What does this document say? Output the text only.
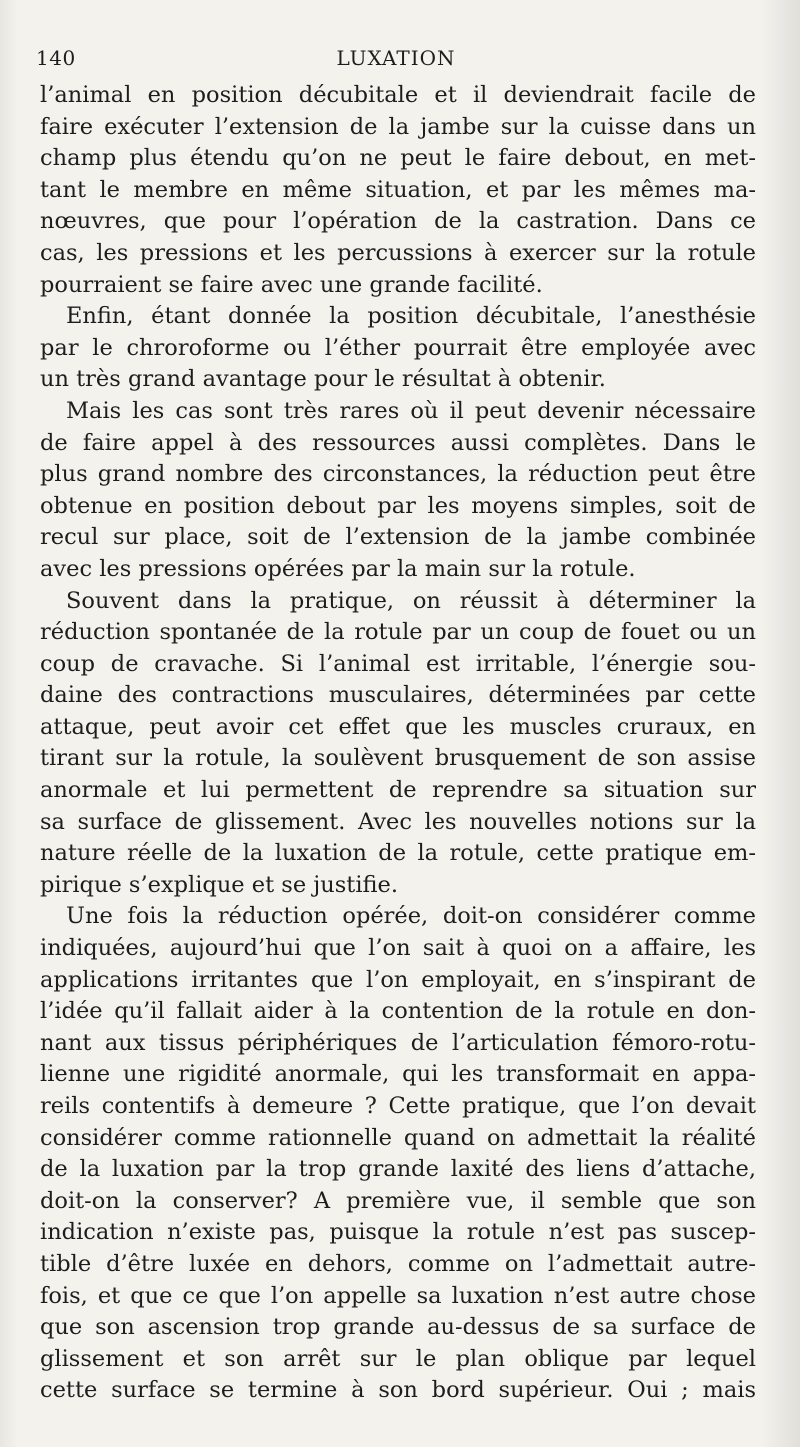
140	LUXATION
l’animal en position décubitale et il deviendrait facile de
faire exécuter l’extension de la jambe sur la cuisse dans un
champ plus étendu qu’on ne peut le faire debout, en met-
tant le membre en même situation, et par les mêmes ma-
nœuvres, que pour l’opération de la castration. Dans ce
cas, les pressions et les percussions à exercer sur la rotule
pourraient se faire avec une grande facilité.
Enfin, étant donnée la position décubitale, l’anesthésie
par le chroroforme ou l’éther pourrait être employée avec
un très grand avantage pour le résultat à obtenir.
Mais les cas sont très rares où il peut devenir nécessaire
de faire appel à des ressources aussi complètes. Dans le
plus grand nombre des circonstances, la réduction peut être
obtenue en position debout par les moyens simples, soit de
recul sur place, soit de l’extension de la jambe combinée
avec les pressions opérées par la main sur la rotule.
Souvent dans la pratique, on réussit à déterminer la
réduction spontanée de la rotule par un coup de fouet ou un
coup de cravache. Si l’animal est irritable, l’énergie sou-
daine des contractions musculaires, déterminées par cette
attaque, peut avoir cet effet que les muscles cruraux, en
tirant sur la rotule, la soulèvent brusquement de son assise
anormale et lui permettent de reprendre sa situation sur
sa surface de glissement. Avec les nouvelles notions sur la
nature réelle de la luxation de la rotule, cette pratique em-
pirique s’explique et se justifie.
Une fois la réduction opérée, doit-on considérer comme
indiquées, aujourd’hui que l’on sait à quoi on a affaire, les
applications irritantes que l’on employait, en s’inspirant de
l’idée qu’il fallait aider à la contention de la rotule en don-
nant aux tissus périphériques de l’articulation fémoro-rotu-
lienne une rigidité anormale, qui les transformait en appa-
reils contentifs à demeure ? Cette pratique, que l’on devait
considérer comme rationnelle quand on admettait la réalité
de la luxation par la trop grande laxité des liens d’attache,
doit-on la conserver? A première vue, il semble que son
indication n’existe pas, puisque la rotule n’est pas suscep-
tible d’être luxée en dehors, comme on l’admettait autre-
fois, et que ce que l’on appelle sa luxation n’est autre chose
que son ascension trop grande au-dessus de sa surface de
glissement et son arrêt sur le plan oblique par lequel
cette surface se termine à son bord supérieur. Oui ; mais
